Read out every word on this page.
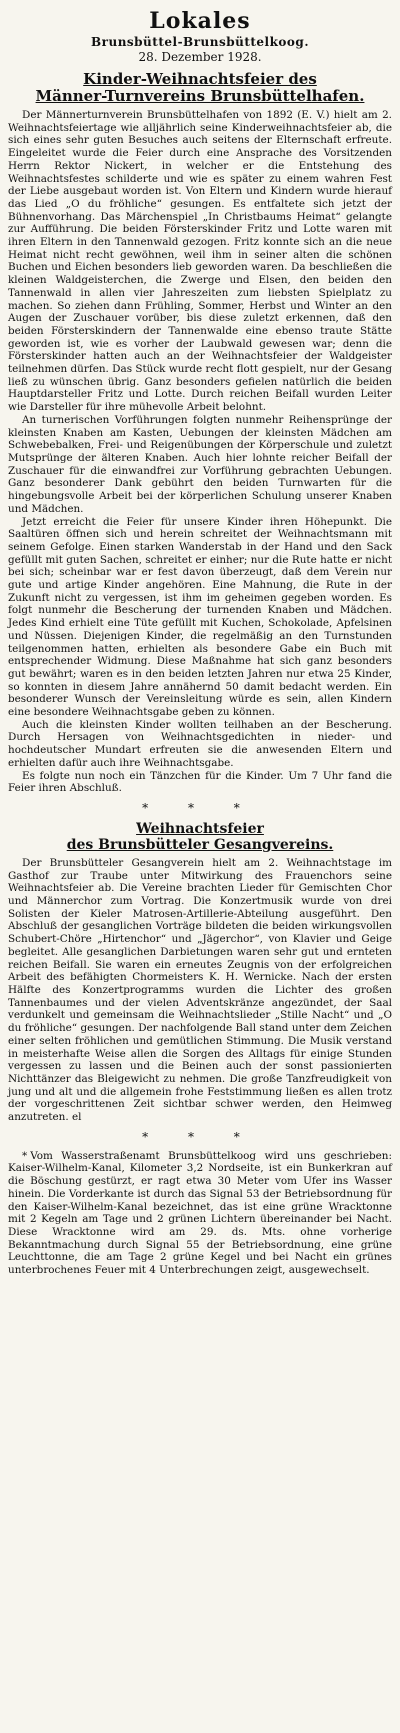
Lokales
Brunsbüttel-Brunsbüttelkoog.
28. Dezember 1928.
Kinder-Weihnachtsfeier des
Männer-Turnvereins Brunsbüttelhafen.

Der Männerturnverein Brunsbüttelhafen von 1892 (E. V.) hielt am 2. Weihnachtsfeiertage wie alljährlich seine Kinderweihnachtsfeier ab, die sich eines sehr guten Besuches auch seitens der Elternschaft erfreute. Eingeleitet wurde die Feier durch eine Ansprache des Vorsitzenden Herrn Rektor Nickert, in welcher er die Entstehung des Weihnachtsfestes schilderte und wie es später zu einem wahren Fest der Liebe ausgebaut worden ist. Von Eltern und Kindern wurde hierauf das Lied „O du fröhliche“ gesungen. Es entfaltete sich jetzt der Bühnenvorhang. Das Märchenspiel „In Christbaums Heimat“ gelangte zur Aufführung. Die beiden Försterskinder Fritz und Lotte waren mit ihren Eltern in den Tannenwald gezogen. Fritz konnte sich an die neue Heimat nicht recht gewöhnen, weil ihm in seiner alten die schönen Buchen und Eichen besonders lieb geworden waren. Da beschließen die kleinen Waldgeisterchen, die Zwerge und Elsen, den beiden den Tannenwald in allen vier Jahreszeiten zum liebsten Spielplatz zu machen. So ziehen dann Frühling, Sommer, Herbst und Winter an den Augen der Zuschauer vorüber, bis diese zuletzt erkennen, daß den beiden Försterskindern der Tannenwalde eine ebenso traute Stätte geworden ist, wie es vorher der Laubwald gewesen war; denn die Försterskinder hatten auch an der Weihnachtsfeier der Waldgeister teilnehmen dürfen. Das Stück wurde recht flott gespielt, nur der Gesang ließ zu wünschen übrig. Ganz besonders gefielen natürlich die beiden Hauptdarsteller Fritz und Lotte. Durch reichen Beifall wurden Leiter wie Darsteller für ihre mühevolle Arbeit belohnt.

An turnerischen Vorführungen folgten nunmehr Reihensprünge der kleinsten Knaben am Kasten, Uebungen der kleinsten Mädchen am Schwebebalken, Frei- und Reigenübungen der Körperschule und zuletzt Mutsprünge der älteren Knaben. Auch hier lohnte reicher Beifall der Zuschauer für die einwandfrei zur Vorführung gebrachten Uebungen. Ganz besonderer Dank gebührt den beiden Turnwarten für die hingebungsvolle Arbeit bei der körperlichen Schulung unserer Knaben und Mädchen.

Jetzt erreicht die Feier für unsere Kinder ihren Höhepunkt. Die Saaltüren öffnen sich und herein schreitet der Weihnachtsmann mit seinem Gefolge. Einen starken Wanderstab in der Hand und den Sack gefüllt mit guten Sachen, schreitet er einher; nur die Rute hatte er nicht bei sich; scheinbar war er fest davon überzeugt, daß dem Verein nur gute und artige Kinder angehören. Eine Mahnung, die Rute in der Zukunft nicht zu vergessen, ist ihm im geheimen gegeben worden. Es folgt nunmehr die Bescherung der turnenden Knaben und Mädchen. Jedes Kind erhielt eine Tüte gefüllt mit Kuchen, Schokolade, Apfelsinen und Nüssen. Diejenigen Kinder, die regelmäßig an den Turnstunden teilgenommen hatten, erhielten als besondere Gabe ein Buch mit entsprechender Widmung. Diese Maßnahme hat sich ganz besonders gut bewährt; waren es in den beiden letzten Jahren nur etwa 25 Kinder, so konnten in diesem Jahre annähernd 50 damit bedacht werden. Ein besonderer Wunsch der Vereinsleitung würde es sein, allen Kindern eine besondere Weihnachtsgabe geben zu können.

Auch die kleinsten Kinder wollten teilhaben an der Bescherung. Durch Hersagen von Weihnachtsgedichten in nieder- und hochdeutscher Mundart erfreuten sie die anwesenden Eltern und erhielten dafür auch ihre Weihnachtsgabe.

Es folgte nun noch ein Tänzchen für die Kinder. Um 7 Uhr fand die Feier ihren Abschluß.

* * *
Weihnachtsfeier
des Brunsbütteler Gesangvereins.

Der Brunsbütteler Gesangverein hielt am 2. Weihnachtstage im Gasthof zur Traube unter Mitwirkung des Frauenchors seine Weihnachtsfeier ab. Die Vereine brachten Lieder für Gemischten Chor und Männerchor zum Vortrag. Die Konzertmusik wurde von drei Solisten der Kieler Matrosen-Artillerie-Abteilung ausgeführt. Den Abschluß der gesanglichen Vorträge bildeten die beiden wirkungsvollen Schubert-Chöre „Hirtenchor“ und „Jägerchor“, von Klavier und Geige begleitet. Alle gesanglichen Darbietungen waren sehr gut und ernteten reichen Beifall. Sie waren ein erneutes Zeugnis von der erfolgreichen Arbeit des befähigten Chormeisters K. H. Wernicke. Nach der ersten Hälfte des Konzertprogramms wurden die Lichter des großen Tannenbaumes und der vielen Adventskränze angezündet, der Saal verdunkelt und gemeinsam die Weihnachtslieder „Stille Nacht“ und „O du fröhliche“ gesungen. Der nachfolgende Ball stand unter dem Zeichen einer selten fröhlichen und gemütlichen Stimmung. Die Musik verstand in meisterhafte Weise allen die Sorgen des Alltags für einige Stunden vergessen zu lassen und die Beinen auch der sonst passionierten Nichttänzer das Bleigewicht zu nehmen. Die große Tanzfreudigkeit von jung und alt und die allgemein frohe Feststimmung ließen es allen trotz der vorgeschrittenen Zeit sichtbar schwer werden, den Heimweg anzutreten. el

* * *

* Vom Wasserstraßenamt Brunsbüttelkoog wird uns geschrieben: Kaiser-Wilhelm-Kanal, Kilometer 3,2 Nordseite, ist ein Bunkerkran auf die Böschung gestürzt, er ragt etwa 30 Meter vom Ufer ins Wasser hinein. Die Vorderkante ist durch das Signal 53 der Betriebsordnung für den Kaiser-Wilhelm-Kanal bezeichnet, das ist eine grüne Wracktonne mit 2 Kegeln am Tage und 2 grünen Lichtern übereinander bei Nacht. Diese Wracktonne wird am 29. ds. Mts. ohne vorherige Bekanntmachung durch Signal 55 der Betriebsordnung, eine grüne Leuchttonne, die am Tage 2 grüne Kegel und bei Nacht ein grünes unterbrochenes Feuer mit 4 Unterbrechungen zeigt, ausgewechselt.
